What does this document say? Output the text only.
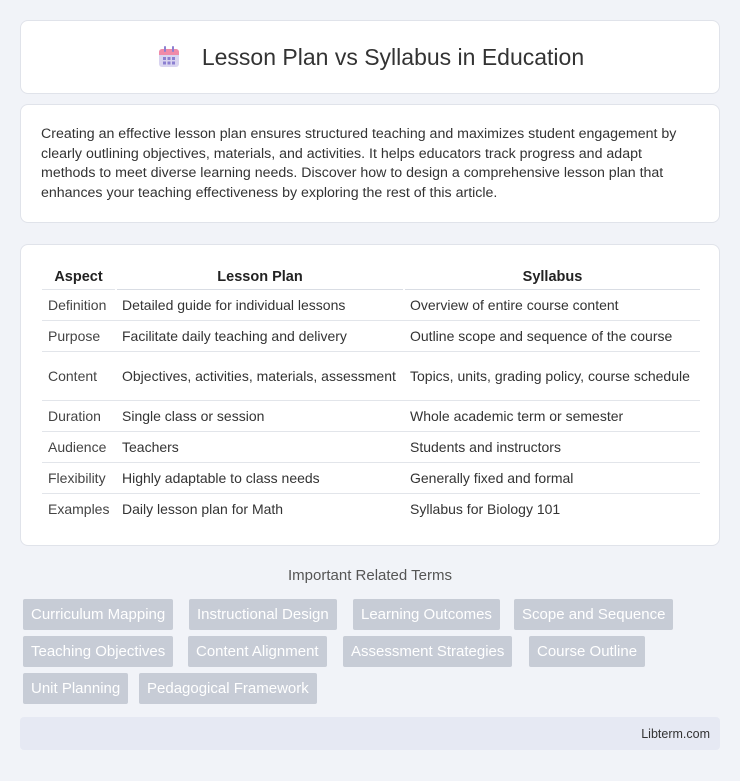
Lesson Plan vs Syllabus in Education

Creating an effective lesson plan ensures structured teaching and maximizes student engagement by clearly outlining objectives, materials, and activities. It helps educators track progress and adapt methods to meet diverse learning needs. Discover how to design a comprehensive lesson plan that enhances your teaching effectiveness by exploring the rest of this article.

Aspect	Lesson Plan	Syllabus
Definition	Detailed guide for individual lessons	Overview of entire course content
Purpose	Facilitate daily teaching and delivery	Outline scope and sequence of the course
Content	Objectives, activities, materials, assessment	Topics, units, grading policy, course schedule
Duration	Single class or session	Whole academic term or semester
Audience	Teachers	Students and instructors
Flexibility	Highly adaptable to class needs	Generally fixed and formal
Examples	Daily lesson plan for Math	Syllabus for Biology 101
Important Related Terms
Curriculum Mapping	Instructional Design	Learning Outcomes	Scope and Sequence
Teaching Objectives	Content Alignment	Assessment Strategies	Course Outline
Unit Planning	Pedagogical Framework
Libterm.com
